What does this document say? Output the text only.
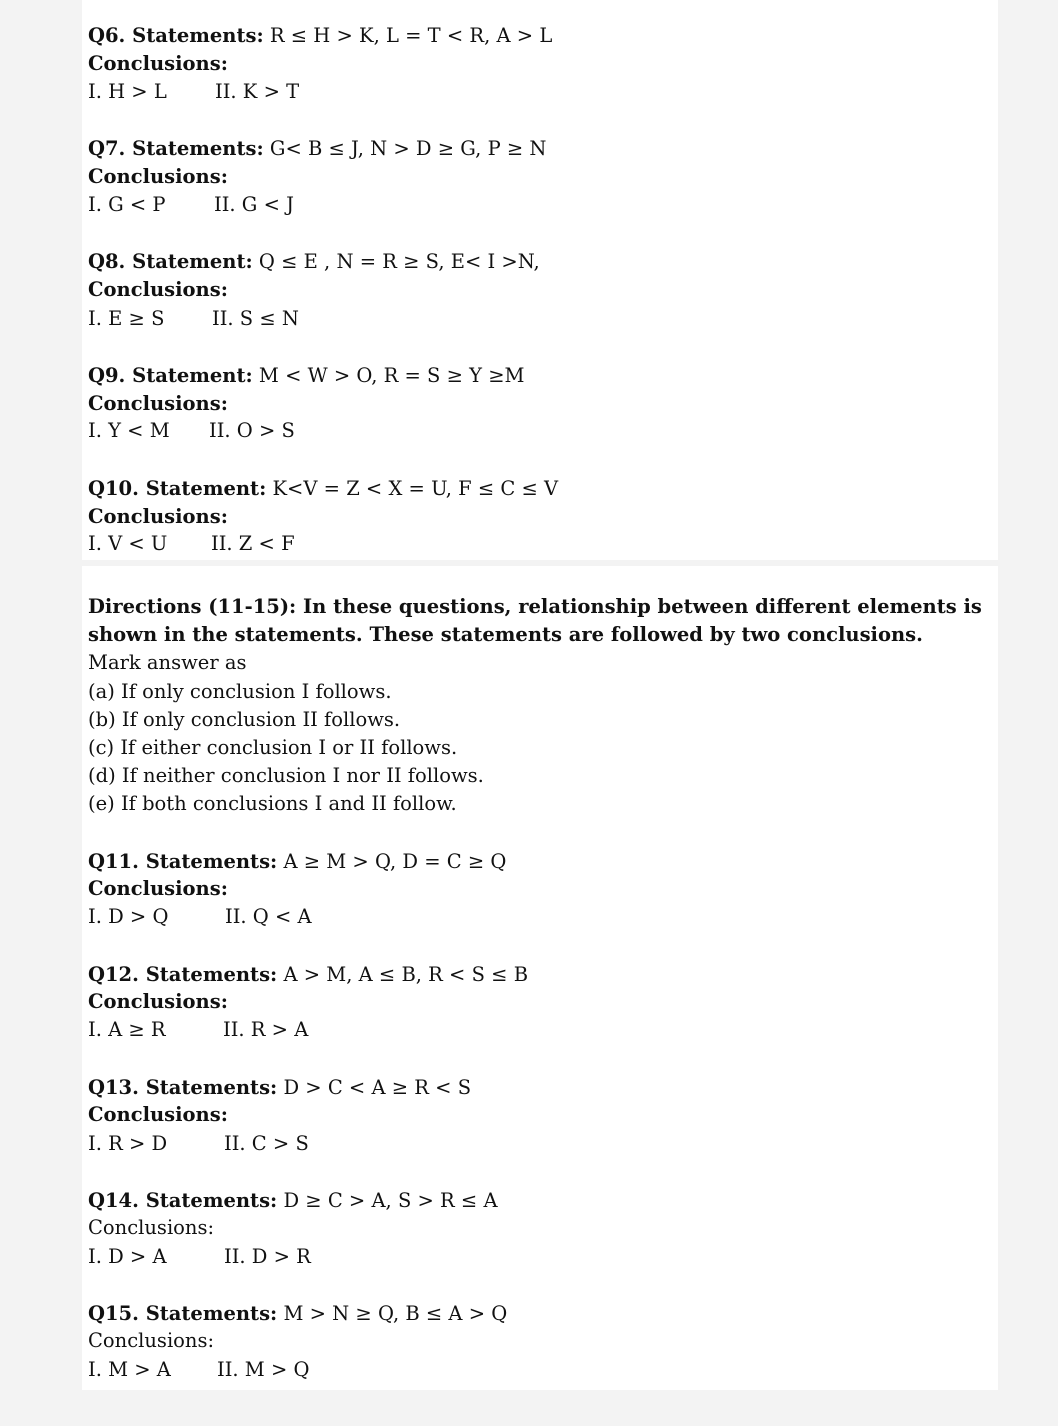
Q6. Statements: R ≤ H > K, L = T < R, A > L
Conclusions:
I. H > L II. K > T
Q7. Statements: G< B ≤ J, N > D ≥ G, P ≥ N
Conclusions:
I. G < P II. G < J
Q8. Statement: Q ≤ E , N = R ≥ S, E< I >N,
Conclusions:
I. E ≥ S II. S ≤ N
Q9. Statement: M < W > O, R = S ≥ Y ≥M
Conclusions:
I. Y < M II. O > S
Q10. Statement: K<V = Z < X = U, F ≤ C ≤ V
Conclusions:
I. V < U II. Z < F
Directions (11-15): In these questions, relationship between different elements is shown in the statements. These statements are followed by two conclusions.
Mark answer as
(a) If only conclusion I follows.
(b) If only conclusion II follows.
(c) If either conclusion I or II follows.
(d) If neither conclusion I nor II follows.
(e) If both conclusions I and II follow.
Q11. Statements: A ≥ M > Q, D = C ≥ Q
Conclusions:
I. D > Q	II. Q < A
Q12. Statements: A > M, A ≤ B, R < S ≤ B
Conclusions:
I. A ≥ R	II. R > A
Q13. Statements: D > C < A ≥ R < S
Conclusions:
I. R > D	II. C > S
Q14. Statements: D ≥ C > A, S > R ≤ A
Conclusions:
I. D > A	II. D > R
Q15. Statements: M > N ≥ Q, B ≤ A > Q
Conclusions:
I. M > A II. M > Q
